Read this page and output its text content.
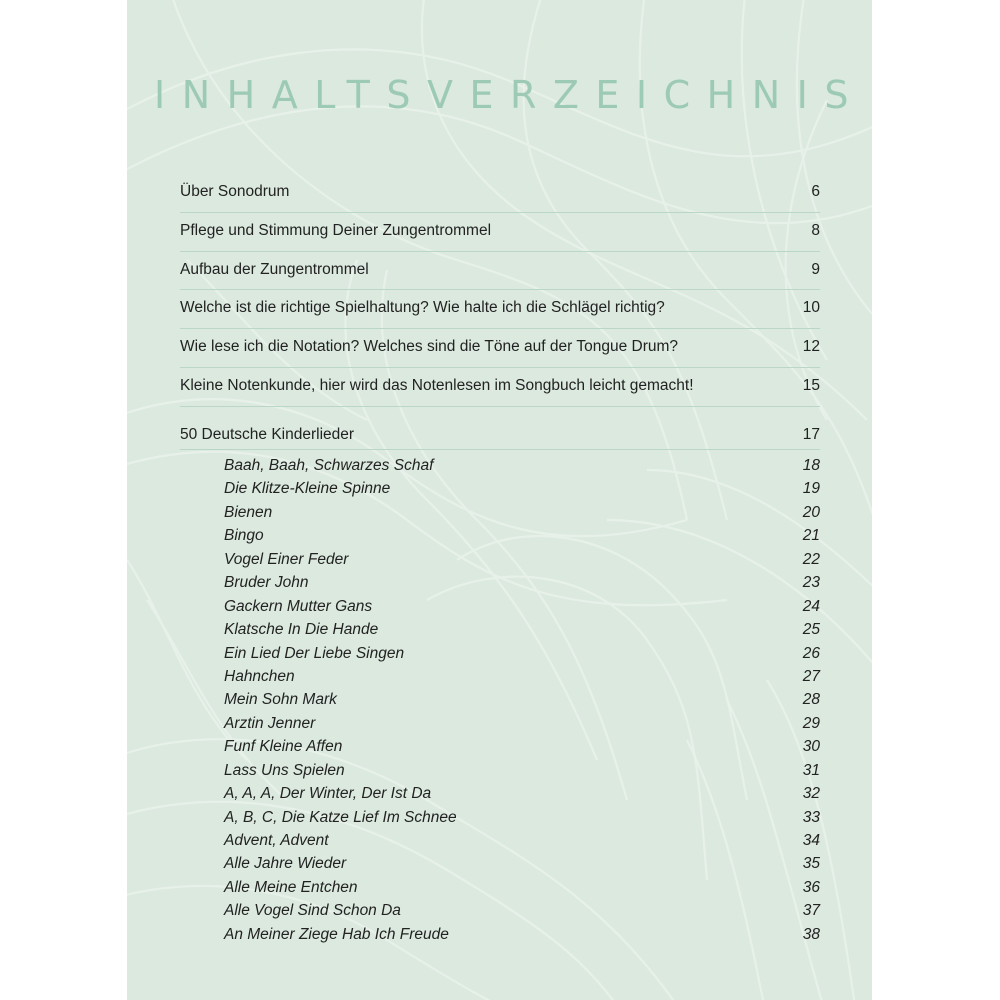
INHALTSVERZEICHNIS
Über Sonodrum	6
Pflege und Stimmung Deiner Zungentrommel	8
Aufbau der Zungentrommel	9
Welche ist die richtige Spielhaltung? Wie halte ich die Schlägel richtig?	10
Wie lese ich die Notation? Welches sind die Töne auf der Tongue Drum?	12
Kleine Notenkunde, hier wird das Notenlesen im Songbuch leicht gemacht!	15
50 Deutsche Kinderlieder	17
Baah, Baah, Schwarzes Schaf	18
Die Klitze-Kleine Spinne	19
Bienen	20
Bingo	21
Vogel Einer Feder	22
Bruder John	23
Gackern Mutter Gans	24
Klatsche In Die Hande	25
Ein Lied Der Liebe Singen	26
Hahnchen	27
Mein Sohn Mark	28
Arztin Jenner	29
Funf Kleine Affen	30
Lass Uns Spielen	31
A, A, A, Der Winter, Der Ist Da	32
A, B, C, Die Katze Lief Im Schnee	33
Advent, Advent	34
Alle Jahre Wieder	35
Alle Meine Entchen	36
Alle Vogel Sind Schon Da	37
An Meiner Ziege Hab Ich Freude	38
